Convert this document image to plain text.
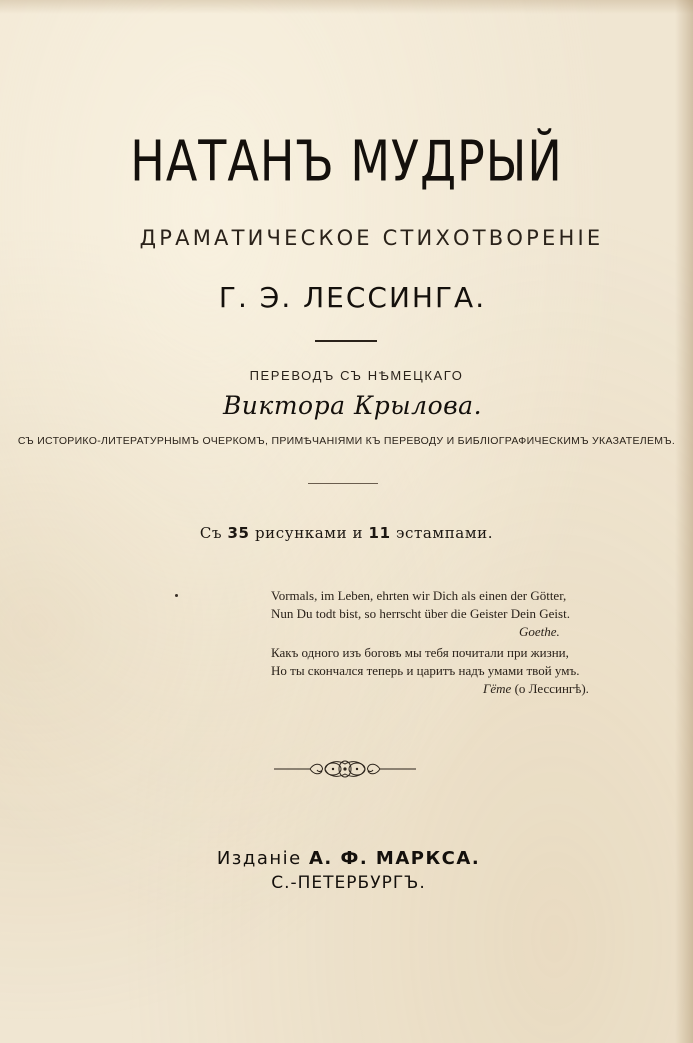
НАТАНЪ МУДРЫЙ
ДРАМАТИЧЕСКОЕ СТИХОТВОРЕНІЕ
Г. Э. ЛЕССИНГА.
ПЕРЕВОДЪ СЪ НѢМЕЦКАГО
Виктора Крылова.
СЪ ИСТОРИКО-ЛИТЕРАТУРНЫМЪ ОЧЕРКОМЪ, ПРИМѢЧАНІЯМИ КЪ ПЕРЕВОДУ И БИБЛІОГРАФИЧЕСКИМЪ УКАЗАТЕЛЕМЪ.
Съ 35 рисунками и 11 эстампами.
Vormals, im Leben, ehrten wir Dich als einen der Götter,
Nun Du todt bist, so herrscht über die Geister Dein Geist.
Goethe.
Какъ одного изъ боговъ мы тебя почитали при жизни,
Но ты скончался теперь и царитъ надъ умами твой умъ.
Гёте (о Лессингѣ).
Изданіе А. Ф. МАРКСА.
С.-ПЕТЕРБУРГЪ.
